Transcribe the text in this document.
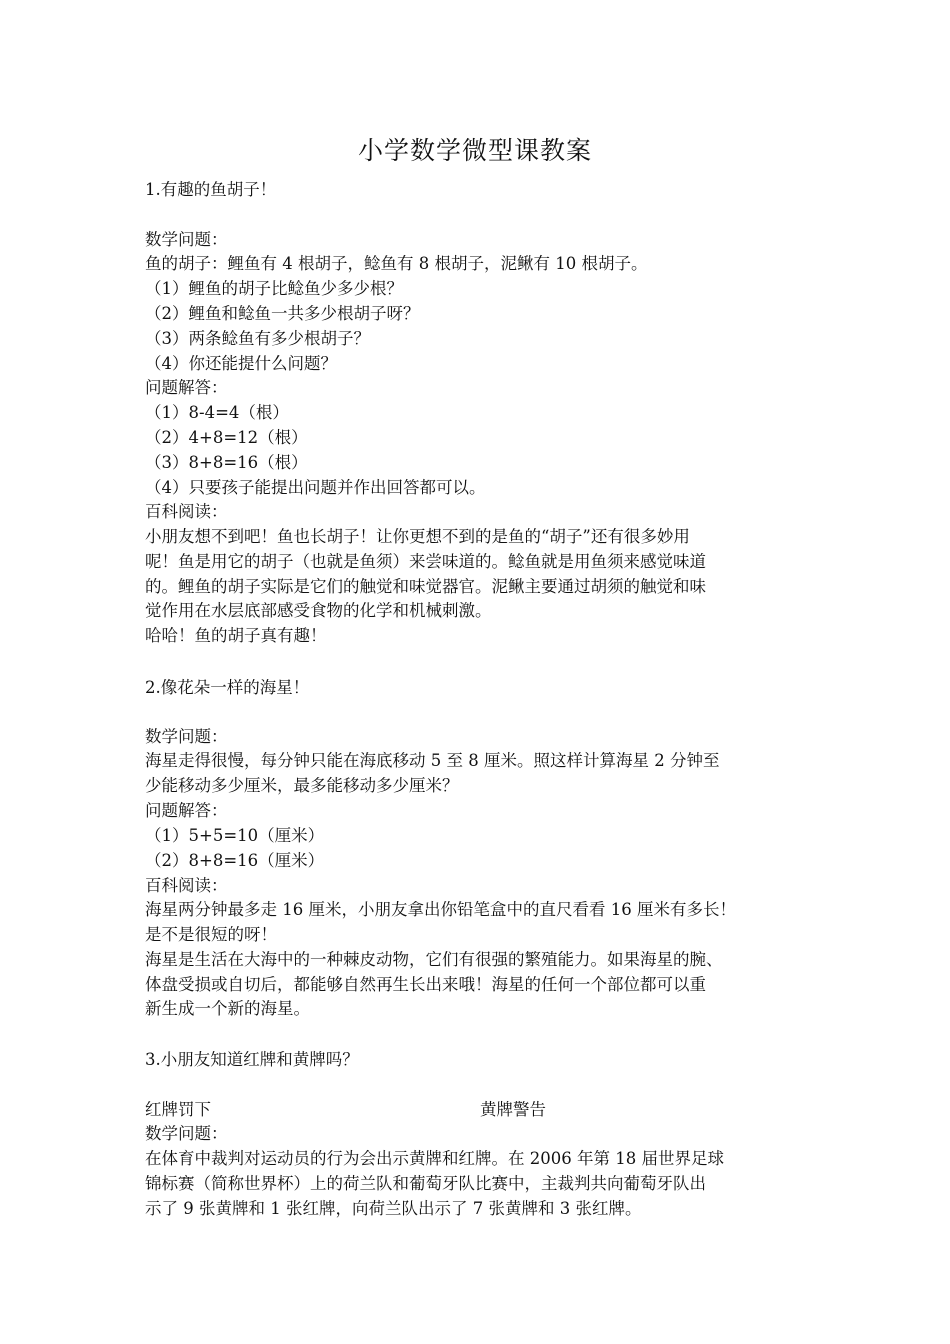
小学数学微型课教案
1.有趣的鱼胡子！
数学问题：
鱼的胡子：鲤鱼有 4 根胡子，鲶鱼有 8 根胡子，泥鳅有 10 根胡子。
（1）鲤鱼的胡子比鲶鱼少多少根？
（2）鲤鱼和鲶鱼一共多少根胡子呀？
（3）两条鲶鱼有多少根胡子？
（4）你还能提什么问题？
问题解答：
（1）8-4=4（根）
（2）4+8=12（根）
（3）8+8=16（根）
（4）只要孩子能提出问题并作出回答都可以。
百科阅读：
小朋友想不到吧！鱼也长胡子！让你更想不到的是鱼的“胡子”还有很多妙用
呢！鱼是用它的胡子（也就是鱼须）来尝味道的。鲶鱼就是用鱼须来感觉味道
的。鲤鱼的胡子实际是它们的触觉和味觉器官。泥鳅主要通过胡须的触觉和味
觉作用在水层底部感受食物的化学和机械刺激。
哈哈！鱼的胡子真有趣！
2.像花朵一样的海星！
数学问题：
海星走得很慢，每分钟只能在海底移动 5 至 8 厘米。照这样计算海星 2 分钟至
少能移动多少厘米，最多能移动多少厘米？
问题解答：
（1）5+5=10（厘米）
（2）8+8=16（厘米）
百科阅读：
海星两分钟最多走 16 厘米，小朋友拿出你铅笔盒中的直尺看看 16 厘米有多长！
是不是很短的呀！
海星是生活在大海中的一种棘皮动物，它们有很强的繁殖能力。如果海星的腕、
体盘受损或自切后，都能够自然再生长出来哦！海星的任何一个部位都可以重
新生成一个新的海星。
3.小朋友知道红牌和黄牌吗？
红牌罚下	黄牌警告
数学问题：
在体育中裁判对运动员的行为会出示黄牌和红牌。在 2006 年第 18 届世界足球
锦标赛（简称世界杯）上的荷兰队和葡萄牙队比赛中，主裁判共向葡萄牙队出
示了 9 张黄牌和 1 张红牌，向荷兰队出示了 7 张黄牌和 3 张红牌。
